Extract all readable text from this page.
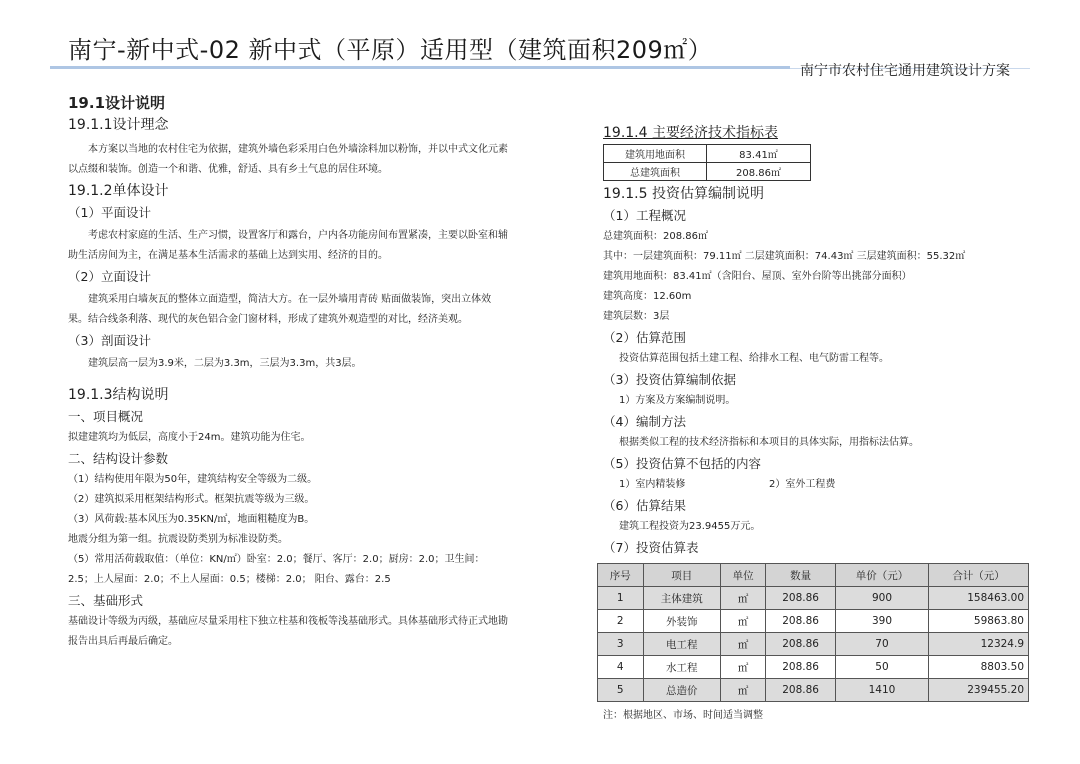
南宁-新中式-02 新中式（平原）适用型（建筑面积209㎡）
南宁市农村住宅通用建筑设计方案

19.1设计说明

19.1.1设计理念

本方案以当地的农村住宅为依据，建筑外墙色彩采用白色外墙涂料加以粉饰，并以中式文化元素以点缀和装饰。创造一个和谐、优雅，舒适、具有乡土气息的居住环境。

19.1.2单体设计

（1）平面设计

考虑农村家庭的生活、生产习惯，设置客厅和露台，户内各功能房间布置紧凑，主要以卧室和辅助生活房间为主，在满足基本生活需求的基础上达到实用、经济的目的。

（2）立面设计

建筑采用白墙灰瓦的整体立面造型，简洁大方。在一层外墙用青砖 贴面做装饰，突出立体效果。结合线条利落、现代的灰色铝合金门窗材料，形成了建筑外观造型的对比，经济美观。

（3）剖面设计

建筑层高一层为3.9米，二层为3.3m，三层为3.3m，共3层。

19.1.3结构说明

一、项目概况

拟建建筑均为低层，高度小于24m。建筑功能为住宅。

二、结构设计参数

（1）结构使用年限为50年，建筑结构安全等级为二级。

（2）建筑拟采用框架结构形式。框架抗震等级为三级。

（3）风荷载:基本风压为0.35KN/㎡，地面粗糙度为B。

地震分组为第一组。抗震设防类别为标准设防类。

（5）常用活荷载取值：（单位：KN/㎡）卧室：2.0；餐厅、客厅：2.0；厨房：2.0；卫生间：2.5；上人屋面：2.0；不上人屋面：0.5；楼梯：2.0； 阳台、露台：2.5

三、基础形式

基础设计等级为丙级，基础应尽量采用柱下独立柱基和筏板等浅基础形式。具体基础形式待正式地勘报告出具后再最后确定。

19.1.4 主要经济技术指标表

建筑用地面积	83.41㎡
总建筑面积	208.86㎡

19.1.5 投资估算编制说明

（1）工程概况

总建筑面积：208.86㎡

其中：一层建筑面积：79.11㎡ 二层建筑面积：74.43㎡ 三层建筑面积：55.32㎡

建筑用地面积：83.41㎡（含阳台、屋顶、室外台阶等出挑部分面积）

建筑高度：12.60m

建筑层数：3层

（2）估算范围

投资估算范围包括土建工程、给排水工程、电气防雷工程等。

（3）投资估算编制依据

1）方案及方案编制说明。

（4）编制方法

根据类似工程的技术经济指标和本项目的具体实际，用指标法估算。

（5）投资估算不包括的内容

1）室内精装修	2）室外工程费

（6）估算结果

建筑工程投资为23.9455万元。

（7）投资估算表

序号	项目	单位	数量	单价（元）	合计（元）
1	主体建筑	㎡	208.86	900	158463.00
2	外装饰	㎡	208.86	390	59863.80
3	电工程	㎡	208.86	70	12324.9
4	水工程	㎡	208.86	50	8803.50
5	总造价	㎡	208.86	1410	239455.20

注：根据地区、市场、时间适当调整
